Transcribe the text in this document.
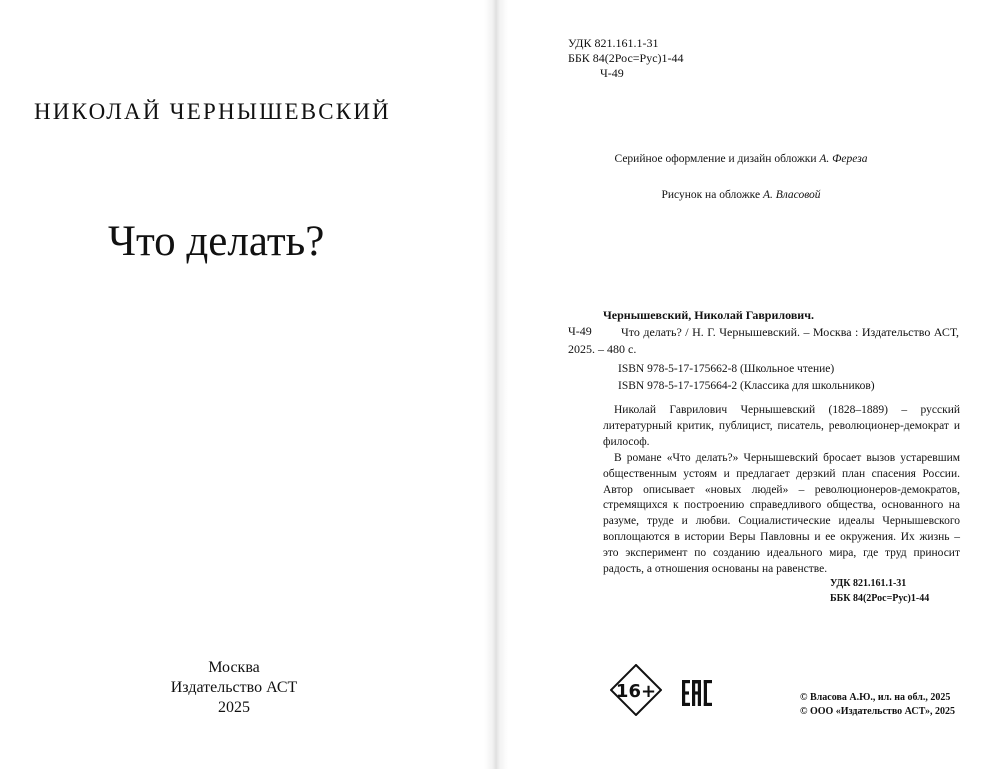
НИКОЛАЙ ЧЕРНЫШЕВСКИЙ
Что делать?
Москва
Издательство АСТ
2025
УДК 821.161.1-31
ББК 84(2Рос=Рус)1-44
Ч-49
Серийное оформление и дизайн обложки А. Фереза
Рисунок на обложке А. Власовой
Чернышевский, Николай Гаврилович.
Ч-49	Что делать? / Н. Г. Чернышевский. – Москва : Издательство АСТ, 2025. – 480 с.
ISBN 978-5-17-175662-8 (Школьное чтение)
ISBN 978-5-17-175664-2 (Классика для школьников)

Николай Гаврилович Чернышевский (1828–1889) – русский литературный критик, публицист, писатель, революционер-демократ и философ.

В романе «Что делать?» Чернышевский бросает вызов устаревшим общественным устоям и предлагает дерзкий план спасения России. Автор описывает «новых людей» – революционеров-демократов, стремящихся к построению справедливого общества, основанного на разуме, труде и любви. Социалистические идеалы Чернышевского воплощаются в истории Веры Павловны и ее окружения. Их жизнь – это эксперимент по созданию идеального мира, где труд приносит радость, а отношения основаны на равенстве.

УДК 821.161.1-31
ББК 84(2Рос=Рус)1-44
16+	© Власова А.Ю., ил. на обл., 2025
© ООО «Издательство АСТ», 2025
